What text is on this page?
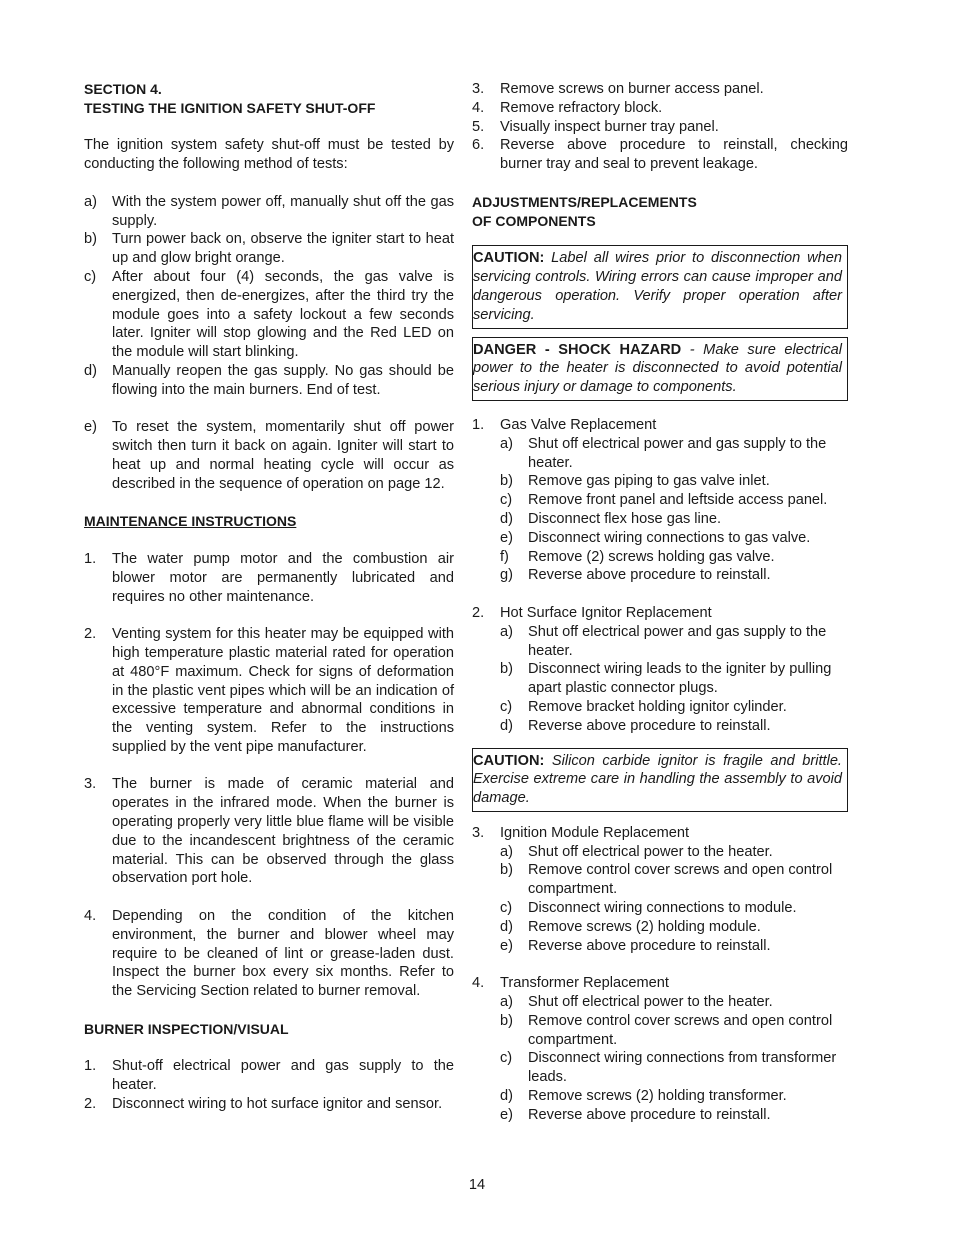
SECTION 4.

TESTING THE IGNITION SAFETY SHUT-OFF

The ignition system safety shut-off must be tested by conducting the following method of tests:

a)	With the system power off, manually shut off the gas supply.
b)	Turn power back on, observe the igniter start to heat up and glow bright orange.
c)	After about four (4) seconds, the gas valve is energized, then de-energizes, after the third try the module goes into a safety lockout a few seconds later. Igniter will stop glowing and the Red LED on the module will start blinking.
d)	Manually reopen the gas supply. No gas should be flowing into the main burners. End of test.
e)	To reset the system, momentarily shut off power switch then turn it back on again. Igniter will start to heat up and normal heating cycle will occur as described in the sequence of operation on page 12.

MAINTENANCE INSTRUCTIONS

1.	The water pump motor and the combustion air blower motor are permanently lubricated and requires no other maintenance.
2.	Venting system for this heater may be equipped with high temperature plastic material rated for operation at 480°F maximum. Check for signs of deformation in the plastic vent pipes which will be an indication of excessive temperature and abnormal conditions in the venting system. Refer to the instructions supplied by the vent pipe manufacturer.
3.	The burner is made of ceramic material and operates in the infrared mode. When the burner is operating properly very little blue flame will be visible due to the incandescent brightness of the ceramic material. This can be observed through the glass observation port hole.
4.	Depending on the condition of the kitchen environment, the burner and blower wheel may require to be cleaned of lint or grease-laden dust. Inspect the burner box every six months. Refer to the Servicing Section related to burner removal.

BURNER INSPECTION/VISUAL

1.	Shut-off electrical power and gas supply to the heater.
2.	Disconnect wiring to hot surface ignitor and sensor.
3.	Remove screws on burner access panel.
4.	Remove refractory block.
5.	Visually inspect burner tray panel.
6.	Reverse above procedure to reinstall, checking burner tray and seal to prevent leakage.

ADJUSTMENTS/REPLACEMENTS

OF COMPONENTS

CAUTION: Label all wires prior to disconnection when servicing controls. Wiring errors can cause improper and dangerous operation. Verify proper operation after servicing.

DANGER - SHOCK HAZARD - Make sure electrical power to the heater is disconnected to avoid potential serious injury or damage to components.

1.	Gas Valve Replacement
a)	Shut off electrical power and gas supply to the heater.
b)	Remove gas piping to gas valve inlet.
c)	Remove front panel and leftside access panel.
d)	Disconnect flex hose gas line.
e)	Disconnect wiring connections to gas valve.
f)	Remove (2) screws holding gas valve.
g)	Reverse above procedure to reinstall.
2.	Hot Surface Ignitor Replacement
a)	Shut off electrical power and gas supply to the heater.
b)	Disconnect wiring leads to the igniter by pulling apart plastic connector plugs.
c)	Remove bracket holding ignitor cylinder.
d)	Reverse above procedure to reinstall.

CAUTION: Silicon carbide ignitor is fragile and brittle. Exercise extreme care in handling the assembly to avoid damage.

3.	Ignition Module Replacement
a)	Shut off electrical power to the heater.
b)	Remove control cover screws and open control compartment.
c)	Disconnect wiring connections to module.
d)	Remove screws (2) holding module.
e)	Reverse above procedure to reinstall.
4.	Transformer Replacement
a)	Shut off electrical power to the heater.
b)	Remove control cover screws and open control compartment.
c)	Disconnect wiring connections from transformer leads.
d)	Remove screws (2) holding transformer.
e)	Reverse above procedure to reinstall.
14
